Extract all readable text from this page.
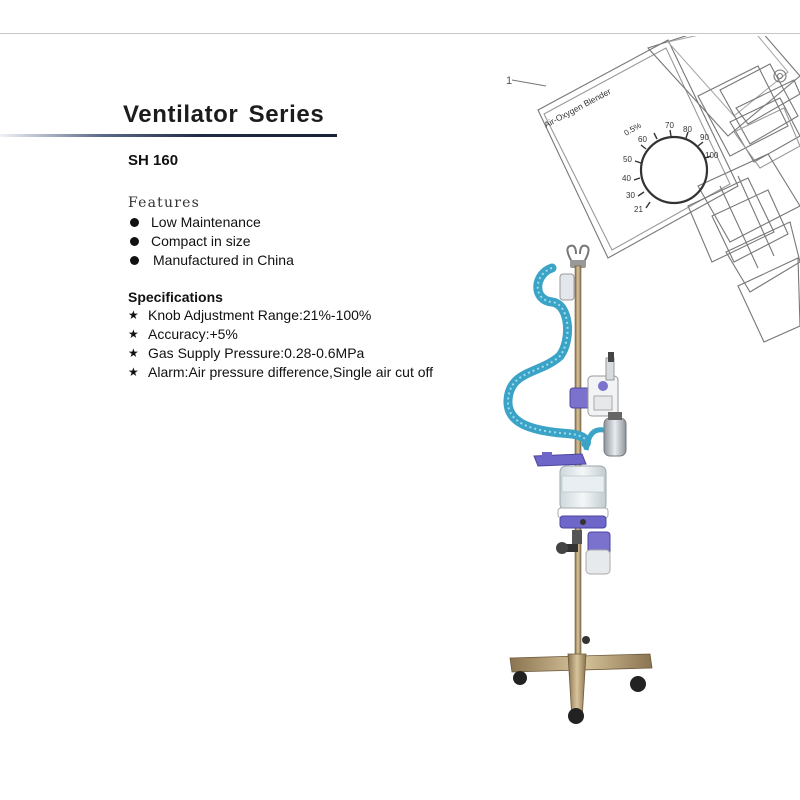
Ventilator Series
SH 160
Features
Low Maintenance
Compact in size
Manufactured in China
Specifications
★ Knob Adjustment Range:21%-100%
★ Accuracy:+5%
★ Gas Supply Pressure:0.28-0.6MPa
★ Alarm:Air pressure difference,Single air cut off
1
Air-Oxygen Blender
21
30
40
50
0.5%
60
70 80
90
100
